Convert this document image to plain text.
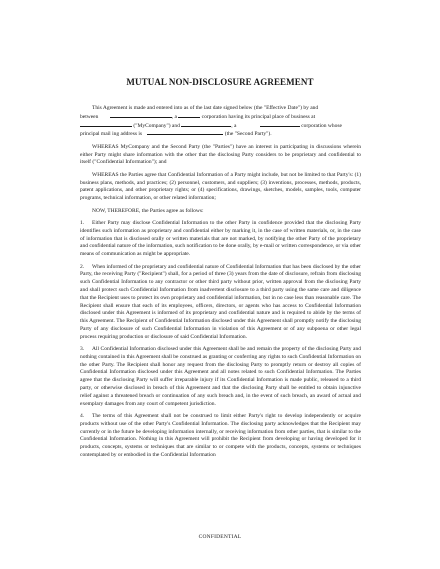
MUTUAL NON-DISCLOSURE AGREEMENT

This Agreement is made and entered into as of the last date signed below (the "Effective Date") by and
between	, a	corporation having its principal place of business at
("MyCompany") and	, a	corporation whose
principal mail ing address is	(the "Second Party").

WHEREAS MyCompany and the Second Party (the "Parties") have an interest in participating in discussions wherein either Party might share information with the other that the disclosing Party considers to be proprietary and confidential to itself ("Confidential Information"); and

WHEREAS the Parties agree that Confidential Information of a Party might include, but not be limited to that Party's: (1) business plans, methods, and practices; (2) personnel, customers, and suppliers; (3) inventions, processes, methods, products, patent applications, and other proprietary rights; or (4) specifications, drawings, sketches, models, samples, tools, computer programs, technical information, or other related information;

NOW, THEREFORE, the Parties agree as follows:

1. Either Party may disclose Confidential Information to the other Party in confidence provided that the disclosing Party identifies such information as proprietary and confidential either by marking it, in the case of written materials, or, in the case of information that is disclosed orally or written materials that are not marked, by notifying the other Party of the proprietary and confidential nature of the information, such notification to be done orally, by e-mail or written correspondence, or via other means of communication as might be appropriate.

2. When informed of the proprietary and confidential nature of Confidential Information that has been disclosed by the other Party, the receiving Party ("Recipient") shall, for a period of three (3) years from the date of disclosure, refrain from disclosing such Confidential Information to any contractor or other third party without prior, written approval from the disclosing Party and shall protect such Confidential Information from inadvertent disclosure to a third party using the same care and diligence that the Recipient uses to protect its own proprietary and confidential information, but in no case less than reasonable care. The Recipient shall ensure that each of its employees, officers, directors, or agents who has access to Confidential Information disclosed under this Agreement is informed of its proprietary and confidential nature and is required to abide by the terms of this Agreement. The Recipient of Confidential Information disclosed under this Agreement shall promptly notify the disclosing Party of any disclosure of such Confidential Information in violation of this Agreement or of any subpoena or other legal process requiring production or disclosure of said Confidential Information.

3. All Confidential Information disclosed under this Agreement shall be and remain the property of the disclosing Party and nothing contained in this Agreement shall be construed as granting or conferring any rights to such Confidential Information on the other Party. The Recipient shall honor any request from the disclosing Party to promptly return or destroy all copies of Confidential Information disclosed under this Agreement and all notes related to such Confidential Information. The Parties agree that the disclosing Party will suffer irreparable injury if its Confidential Information is made public, released to a third party, or otherwise disclosed in breach of this Agreement and that the disclosing Party shall be entitled to obtain injunctive relief against a threatened breach or continuation of any such breach and, in the event of such breach, an award of actual and exemplary damages from any court of competent jurisdiction.

4. The terms of this Agreement shall not be construed to limit either Party's right to develop independently or acquire products without use of the other Party's Confidential Information. The disclosing party acknowledges that the Recipient may currently or in the future be developing information internally, or receiving information from other parties, that is similar to the Confidential Information. Nothing in this Agreement will prohibit the Recipient from developing or having developed for it products, concepts, systems or techniques that are similar to or compete with the products, concepts, systems or techniques contemplated by or embodied in the Confidential Information

CONFIDENTIAL
